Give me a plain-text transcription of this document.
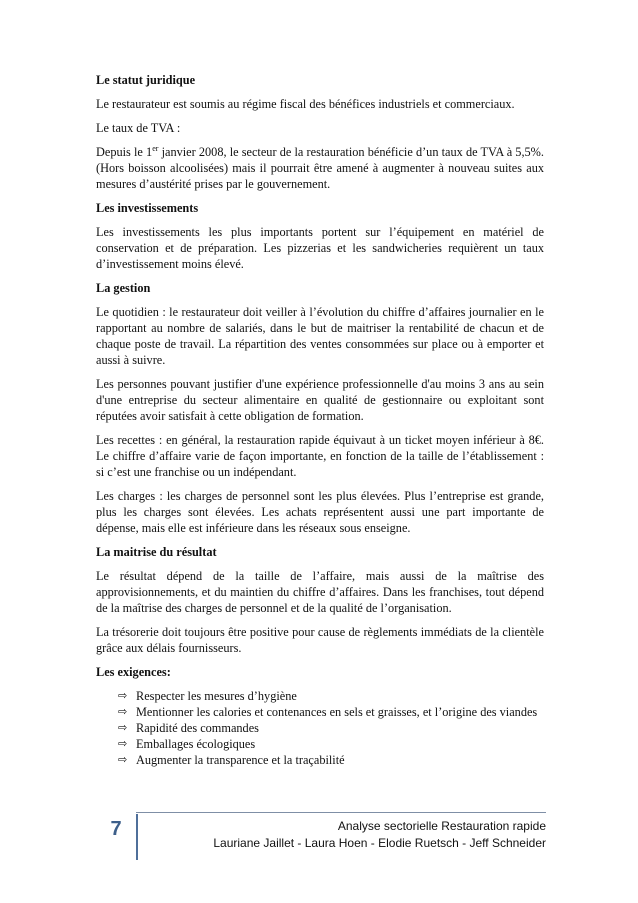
Le statut juridique

Le restaurateur est soumis au régime fiscal des bénéfices industriels et commerciaux.

Le taux de TVA :

Depuis le 1er janvier 2008, le secteur de la restauration bénéficie d’un taux de TVA à 5,5%. (Hors boisson alcoolisées) mais il pourrait être amené à augmenter à nouveau suites aux mesures d’austérité prises par le gouvernement.

Les investissements

Les investissements les plus importants portent sur l’équipement en matériel de conservation et de préparation. Les pizzerias et les sandwicheries requièrent un taux d’investissement moins élevé.

La gestion

Le quotidien : le restaurateur doit veiller à l’évolution du chiffre d’affaires journalier en le rapportant au nombre de salariés, dans le but de maitriser la rentabilité de chacun et de chaque poste de travail. La répartition des ventes consommées sur place ou à emporter et aussi à suivre.

Les personnes pouvant justifier d'une expérience professionnelle d'au moins 3 ans au sein d'une entreprise du secteur alimentaire en qualité de gestionnaire ou exploitant sont réputées avoir satisfait à cette obligation de formation.

Les recettes : en général, la restauration rapide équivaut à un ticket moyen inférieur à 8€. Le chiffre d’affaire varie de façon importante, en fonction de la taille de l’établissement : si c’est une franchise ou un indépendant.

Les charges : les charges de personnel sont les plus élevées. Plus l’entreprise est grande, plus les charges sont élevées. Les achats représentent aussi une part importante de dépense, mais elle est inférieure dans les réseaux sous enseigne.

La maitrise du résultat

Le résultat dépend de la taille de l’affaire, mais aussi de la maîtrise des approvisionnements, et du maintien du chiffre d’affaires. Dans les franchises, tout dépend de la maîtrise des charges de personnel et de la qualité de l’organisation.

La trésorerie doit toujours être positive pour cause de règlements immédiats de la clientèle grâce aux délais fournisseurs.

Les exigences:
⇨ Respecter les mesures d’hygiène
⇨ Mentionner les calories et contenances en sels et graisses, et l’origine des viandes
⇨ Rapidité des commandes
⇨ Emballages écologiques
⇨ Augmenter la transparence et la traçabilité
7	Analyse sectorielle Restauration rapide
Lauriane Jaillet - Laura Hoen - Elodie Ruetsch - Jeff Schneider
